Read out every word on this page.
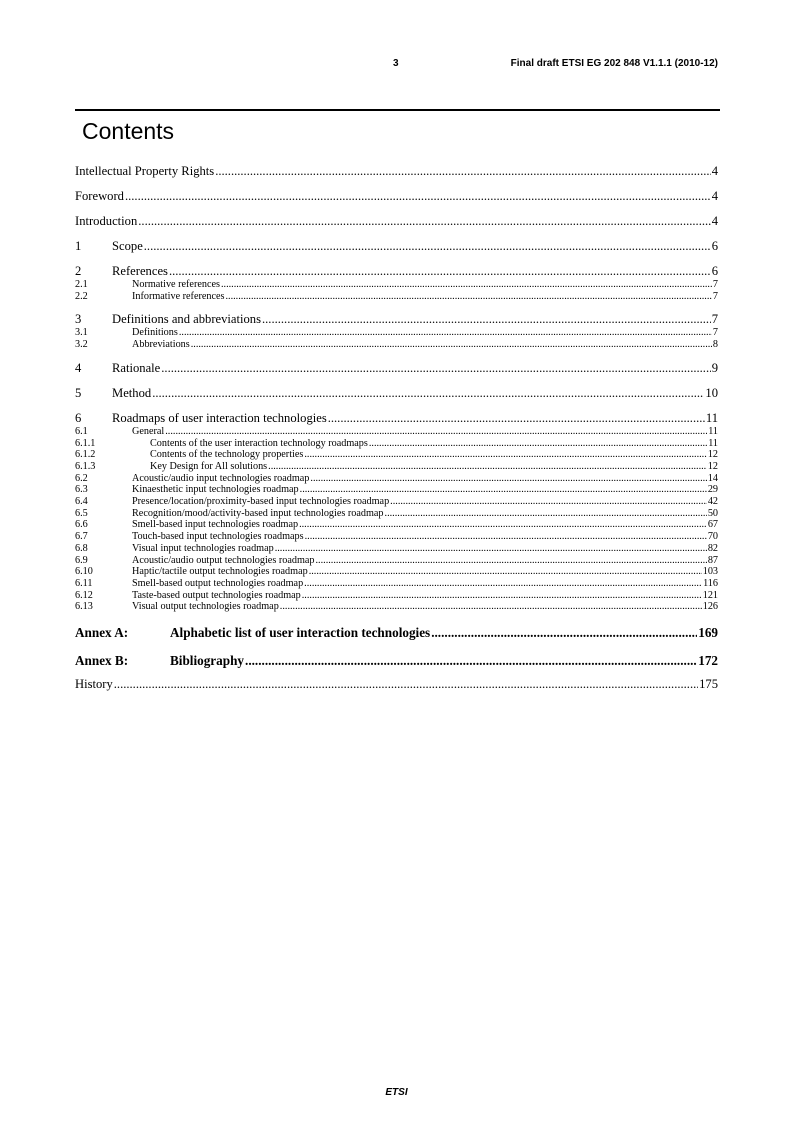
3	Final draft ETSI EG 202 848 V1.1.1 (2010-12)
Contents
Intellectual Property Rights .....	4
Foreword .....	4
Introduction .....	4
1	Scope .....	6
2	References .....	6
2.1	Normative references .....	7
2.2	Informative references .....	7
3	Definitions and abbreviations .....	7
3.1	Definitions .....	7
3.2	Abbreviations .....	8
4	Rationale .....	9
5	Method .....	10
6	Roadmaps of user interaction technologies .....	11
6.1	General .....	11
6.1.1	Contents of the user interaction technology roadmaps .....	11
6.1.2	Contents of the technology properties .....	12
6.1.3	Key Design for All solutions .....	12
6.2	Acoustic/audio input technologies roadmap .....	14
6.3	Kinaesthetic input technologies roadmap .....	29
6.4	Presence/location/proximity-based input technologies roadmap .....	42
6.5	Recognition/mood/activity-based input technologies roadmap .....	50
6.6	Smell-based input technologies roadmap .....	67
6.7	Touch-based input technologies roadmaps .....	70
6.8	Visual input technologies roadmap .....	82
6.9	Acoustic/audio output technologies roadmap .....	87
6.10	Haptic/tactile output technologies roadmap .....	103
6.11	Smell-based output technologies roadmap .....	116
6.12	Taste-based output technologies roadmap .....	121
6.13	Visual output technologies roadmap .....	126
Annex A:	Alphabetic list of user interaction technologies .....	169
Annex B:	Bibliography .....	172
History .....	175
ETSI
